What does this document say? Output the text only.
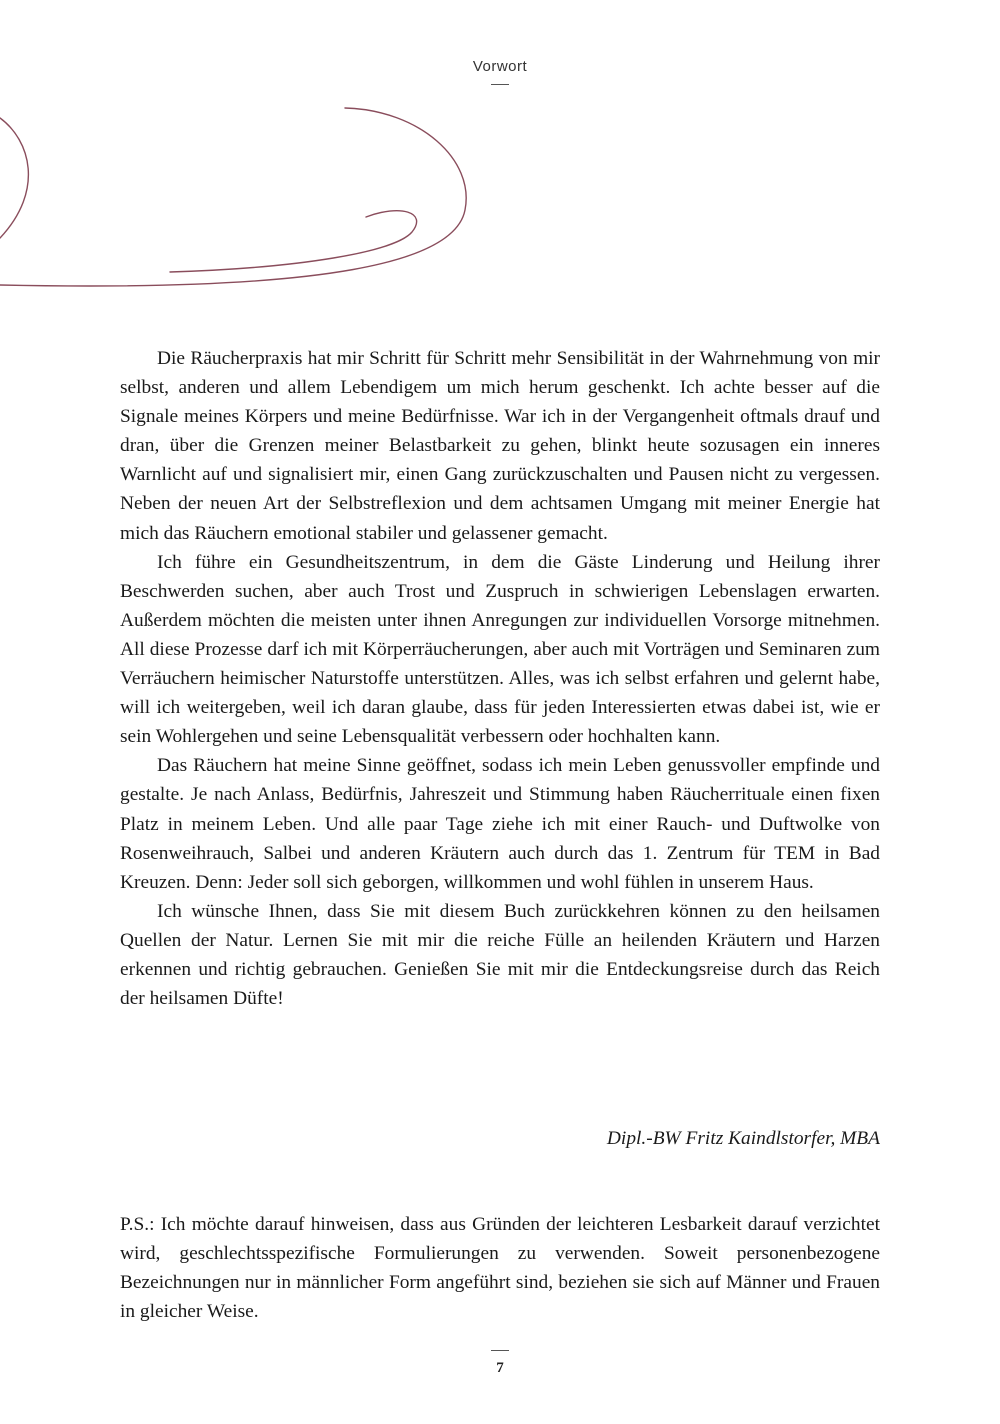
Vorwort

Die Räucherpraxis hat mir Schritt für Schritt mehr Sensibilität in der Wahrnehmung von mir selbst, anderen und allem Lebendigem um mich herum geschenkt. Ich achte besser auf die Signale meines Körpers und meine Bedürfnisse. War ich in der Vergangenheit oftmals drauf und dran, über die Grenzen meiner Belastbarkeit zu gehen, blinkt heute sozusagen ein inneres Warnlicht auf und signalisiert mir, einen Gang zurückzuschalten und Pausen nicht zu vergessen. Neben der neuen Art der Selbstreflexion und dem achtsamen Umgang mit meiner Energie hat mich das Räuchern emotional stabiler und gelassener gemacht.

Ich führe ein Gesundheitszentrum, in dem die Gäste Linderung und Heilung ihrer Beschwerden suchen, aber auch Trost und Zuspruch in schwierigen Lebenslagen erwarten. Außerdem möchten die meisten unter ihnen Anregungen zur individuellen Vorsorge mitnehmen. All diese Prozesse darf ich mit Körperräucherungen, aber auch mit Vorträgen und Seminaren zum Verräuchern heimischer Naturstoffe unterstützen. Alles, was ich selbst erfahren und gelernt habe, will ich weitergeben, weil ich daran glaube, dass für jeden Interessierten etwas dabei ist, wie er sein Wohlergehen und seine Lebensqualität verbessern oder hochhalten kann.

Das Räuchern hat meine Sinne geöffnet, sodass ich mein Leben genussvoller empfinde und gestalte. Je nach Anlass, Bedürfnis, Jahreszeit und Stimmung haben Räucherrituale einen fixen Platz in meinem Leben. Und alle paar Tage ziehe ich mit einer Rauch- und Duftwolke von Rosenweihrauch, Salbei und anderen Kräutern auch durch das 1. Zentrum für TEM in Bad Kreuzen. Denn: Jeder soll sich geborgen, willkommen und wohl fühlen in unserem Haus.

Ich wünsche Ihnen, dass Sie mit diesem Buch zurückkehren können zu den heilsamen Quellen der Natur. Lernen Sie mit mir die reiche Fülle an heilenden Kräutern und Harzen erkennen und richtig gebrauchen. Genießen Sie mit mir die Entdeckungsreise durch das Reich der heilsamen Düfte!

Dipl.-BW Fritz Kaindlstorfer, MBA

P.S.: Ich möchte darauf hinweisen, dass aus Gründen der leichteren Lesbarkeit darauf verzichtet wird, geschlechtsspezifische Formulierungen zu verwenden. Soweit personenbezogene Bezeichnungen nur in männlicher Form angeführt sind, beziehen sie sich auf Männer und Frauen in gleicher Weise.

7
